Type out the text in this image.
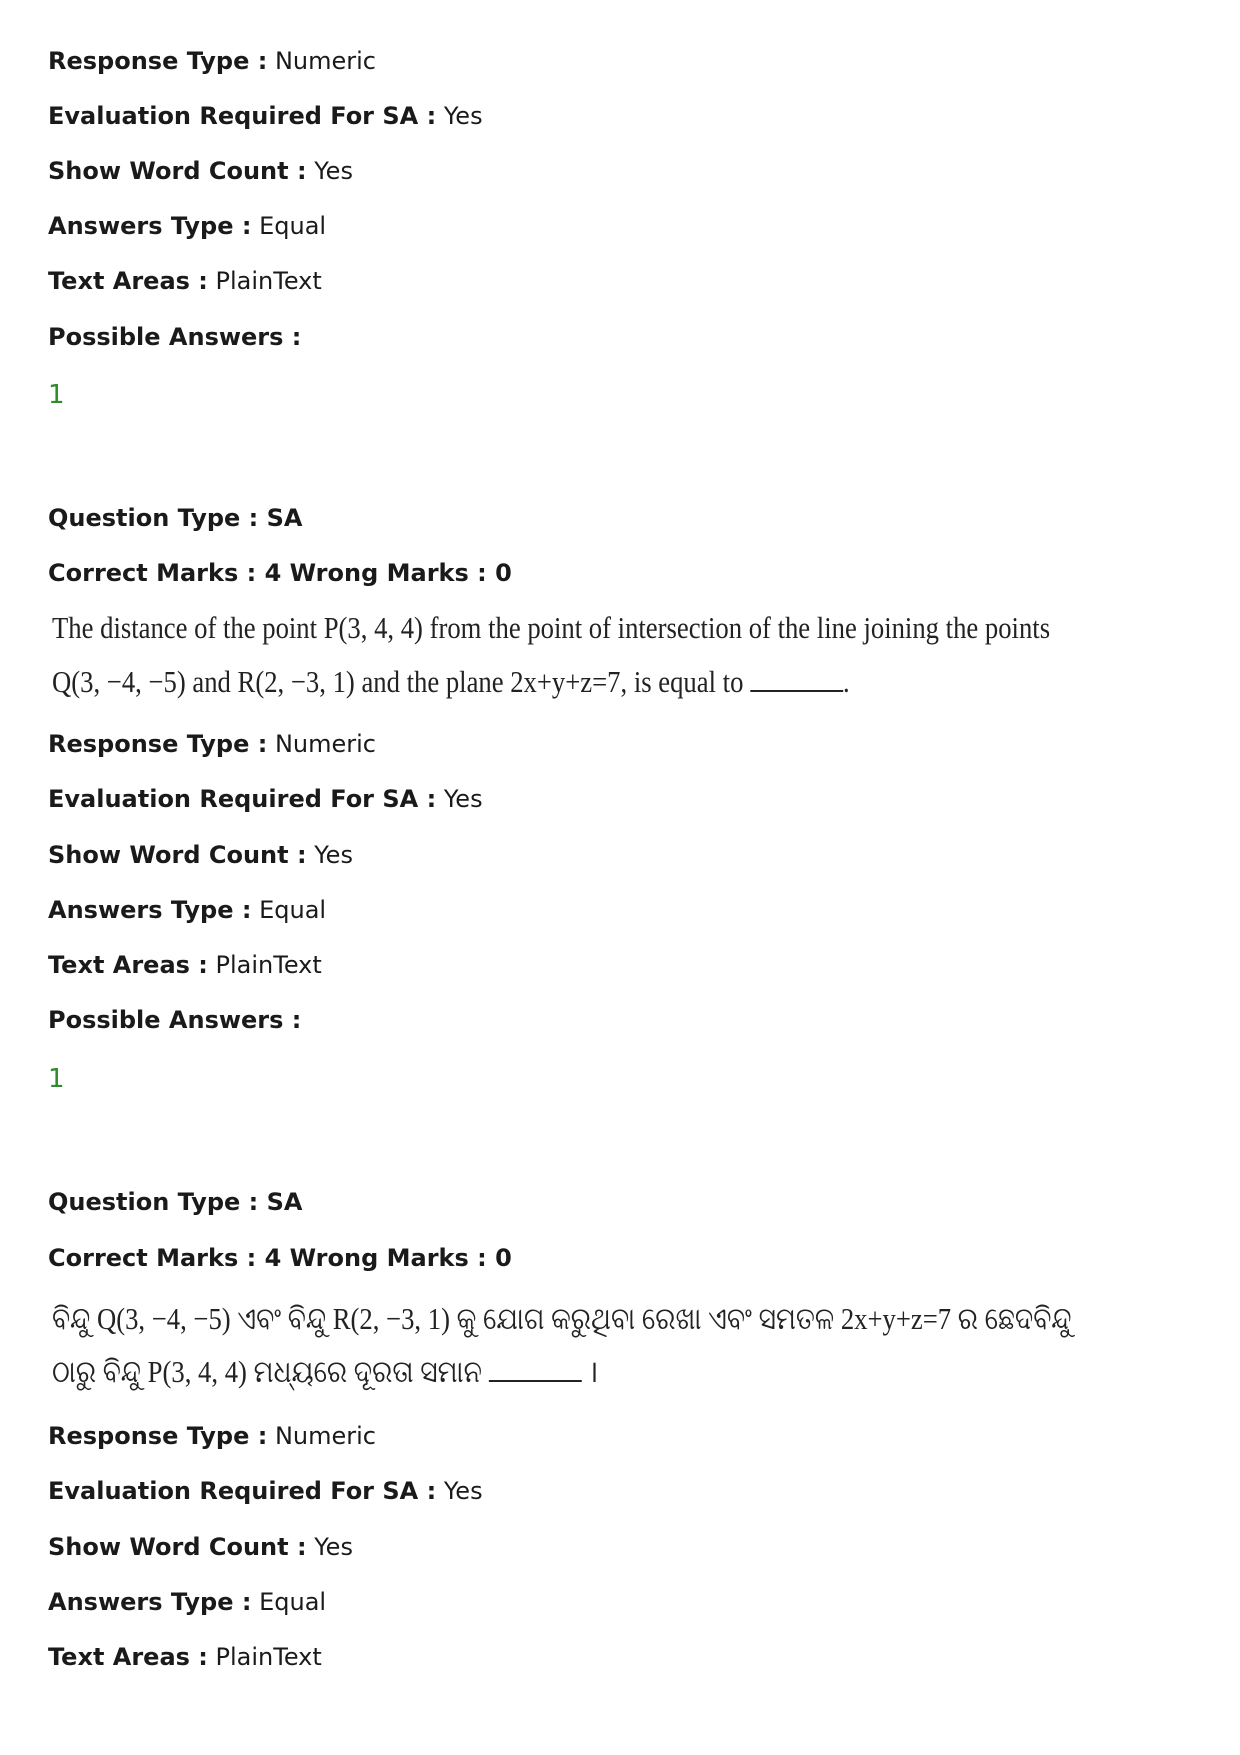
Response Type : Numeric
Evaluation Required For SA : Yes
Show Word Count : Yes
Answers Type : Equal
Text Areas : PlainText
Possible Answers :
1
Question Type : SA
Correct Marks : 4 Wrong Marks : 0
The distance of the point P(3, 4, 4) from the point of intersection of the line joining the points
Q(3, −4, −5) and R(2, −3, 1) and the plane 2x+y+z=7, is equal to	.
Response Type : Numeric
Evaluation Required For SA : Yes
Show Word Count : Yes
Answers Type : Equal
Text Areas : PlainText
Possible Answers :
1
Question Type : SA
Correct Marks : 4 Wrong Marks : 0
ବିନ୍ଦୁ Q(3, −4, −5) ଏବଂ ବିନ୍ଦୁ R(2, −3, 1) କୁ ଯୋଗ କରୁଥିବା ରେଖା ଏବଂ ସମତଳ 2x+y+z=7 ର ଛେଦବିନ୍ଦୁ
ଠାରୁ ବିନ୍ଦୁ P(3, 4, 4) ମଧ୍ୟରେ ଦୂରତା ସମାନ	।
Response Type : Numeric
Evaluation Required For SA : Yes
Show Word Count : Yes
Answers Type : Equal
Text Areas : PlainText
